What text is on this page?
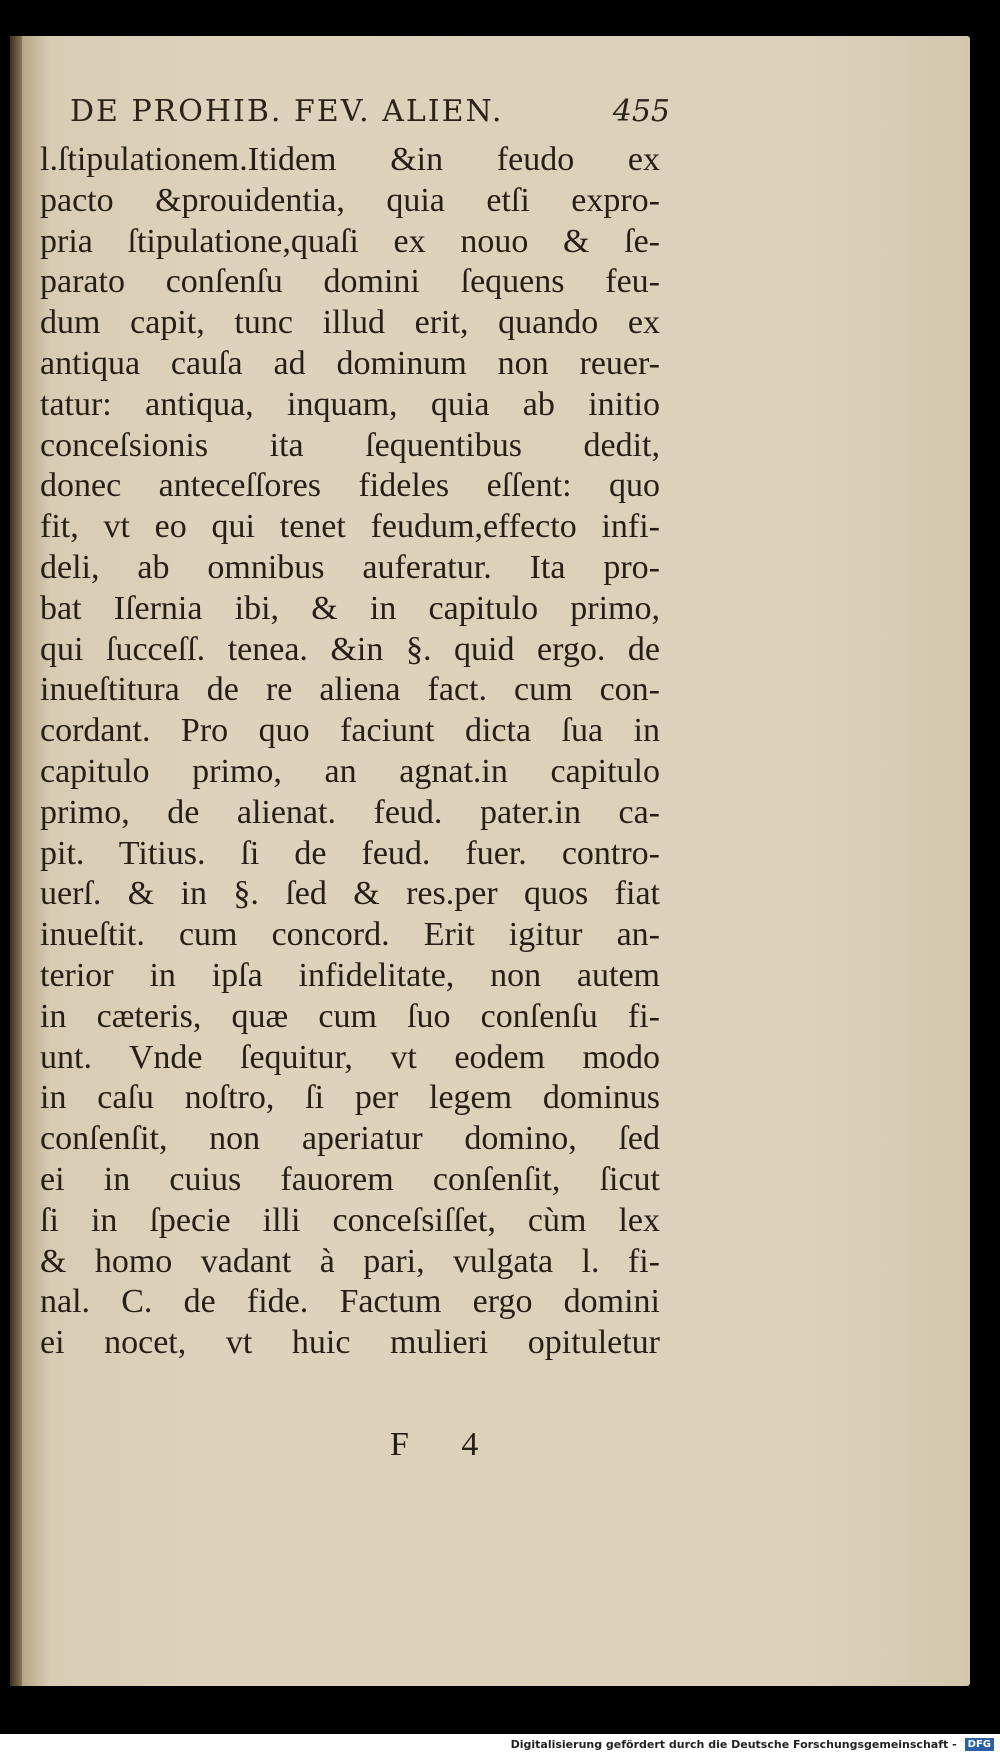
DE PROHIB. FEV. ALIEN.	455
l.ſtipulationem.Itidem &in feudo ex
pacto &prouidentia, quia etſi expro-
pria ſtipulatione,quaſi ex nouo & ſe-
parato conſenſu domini ſequens feu-
dum capit, tunc illud erit, quando ex
antiqua cauſa ad dominum non reuer-
tatur: antiqua, inquam, quia ab initio
conceſsionis ita ſequentibus dedit,
donec anteceſſores fideles eſſent: quo
fit, vt eo qui tenet feudum,effecto infi-
deli, ab omnibus auferatur. Ita pro-
bat Iſernia ibi, & in capitulo primo,
qui ſucceſſ. tenea. &in §. quid ergo. de
inueſtitura de re aliena fact. cum con-
cordant. Pro quo faciunt dicta ſua in
capitulo primo, an agnat.in capitulo
primo, de alienat. feud. pater.in ca-
pit. Titius. ſi de feud. fuer. contro-
uerſ. & in §. ſed & res.per quos fiat
inueſtit. cum concord. Erit igitur an-
terior in ipſa infidelitate, non autem
in cæteris, quæ cum ſuo conſenſu fi-
unt. Vnde ſequitur, vt eodem modo
in caſu noſtro, ſi per legem dominus
conſenſit, non aperiatur domino, ſed
ei in cuius fauorem conſenſit, ſicut
ſi in ſpecie illi conceſsiſſet, cùm lex
& homo vadant à pari, vulgata l. fi-
nal. C. de fide. Factum ergo domini
ei nocet, vt huic mulieri opituletur
F 4
Digitalisierung gefördert durch die Deutsche Forschungsgemeinschaft -	DFG
